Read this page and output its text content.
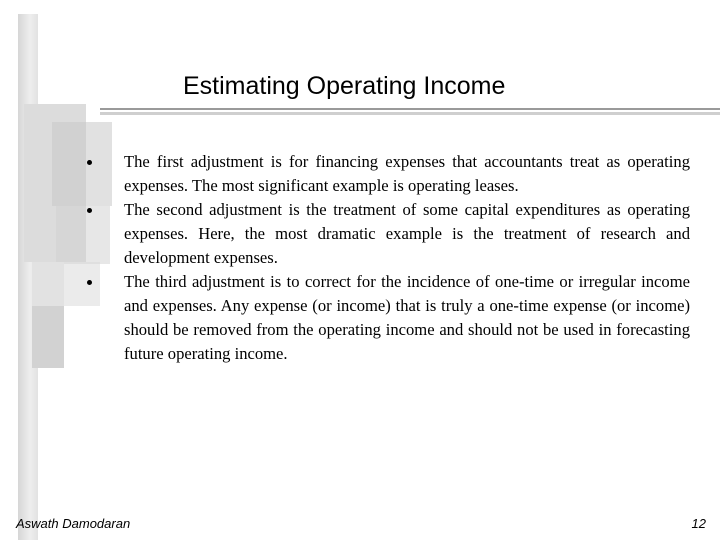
Estimating Operating Income
The first adjustment is for financing expenses that accountants treat as operating expenses. The most significant example is operating leases.
The second adjustment is the treatment of some capital expenditures as operating expenses. Here, the most dramatic example is the treatment of research and development expenses.
The third adjustment is to correct for the incidence of one-time or irregular income and expenses. Any expense (or income) that is truly a one-time expense (or income) should be removed from the operating income and should not be used in forecasting future operating income.
Aswath Damodaran	12
